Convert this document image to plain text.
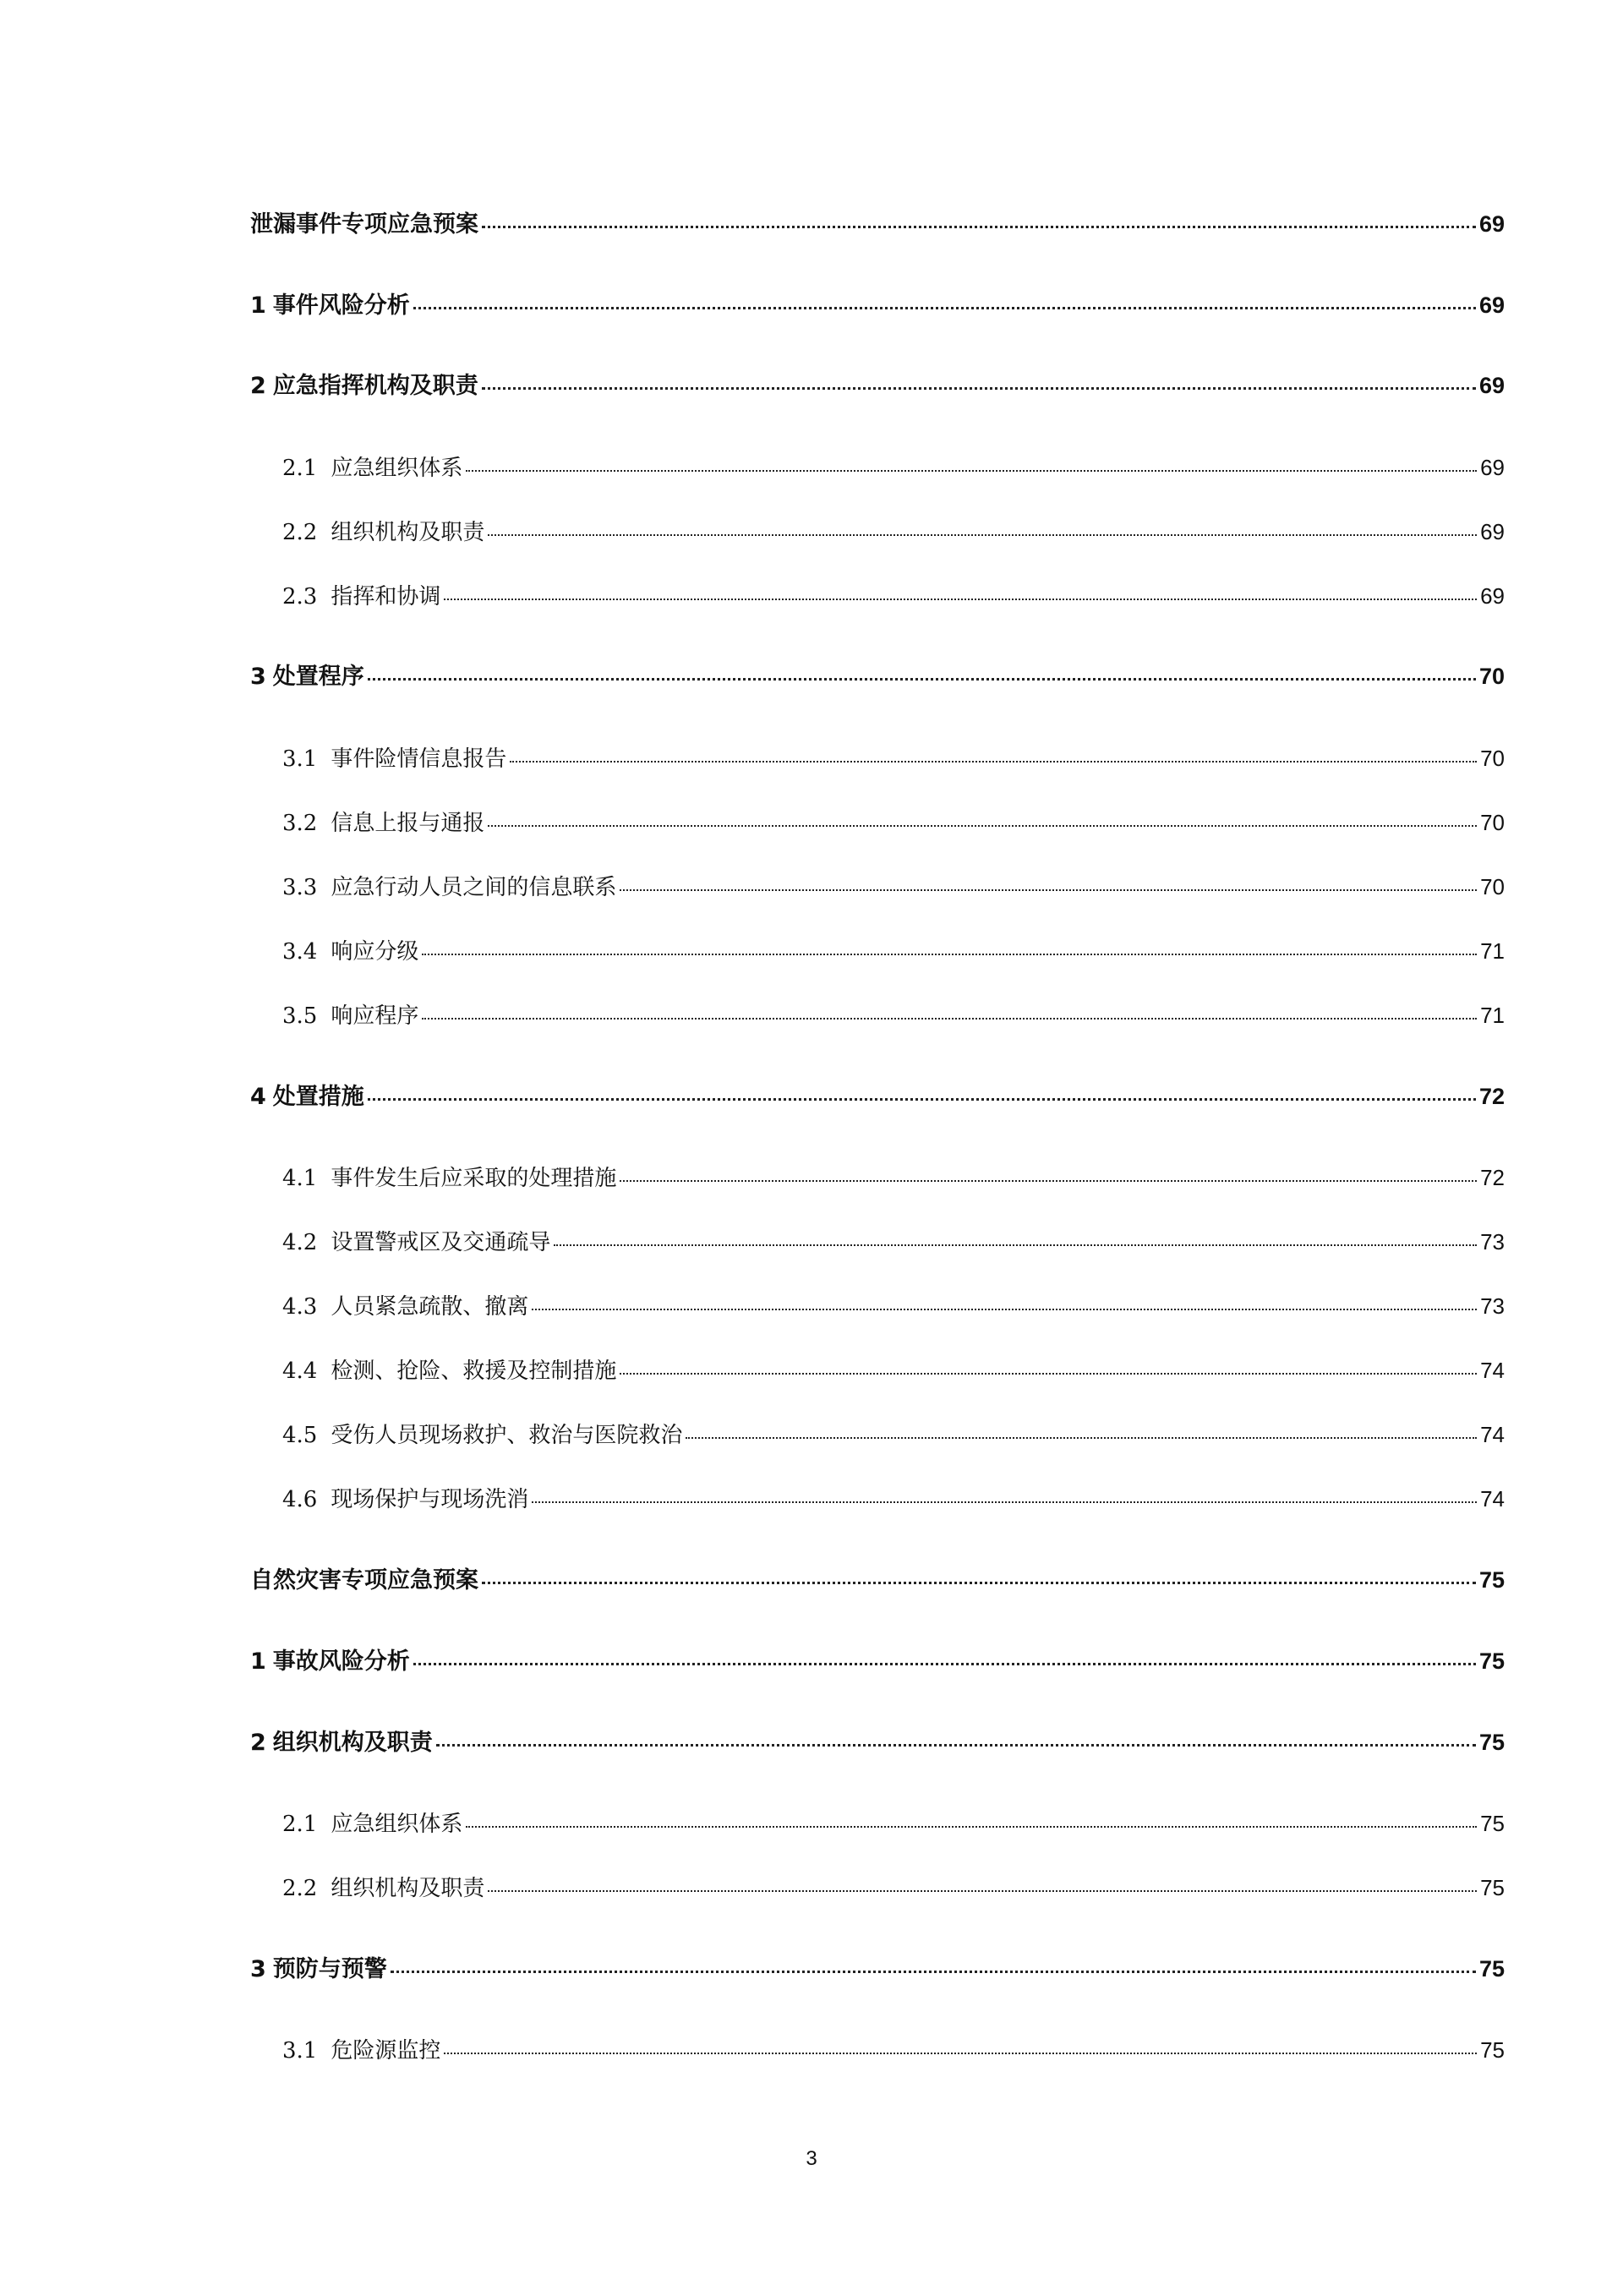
泄漏事件专项应急预案	69
1 事件风险分析	69
2 应急指挥机构及职责	69
2.1 应急组织体系	69
2.2 组织机构及职责	69
2.3 指挥和协调	69
3 处置程序	70
3.1 事件险情信息报告	70
3.2 信息上报与通报	70
3.3 应急行动人员之间的信息联系	70
3.4 响应分级	71
3.5 响应程序	71
4 处置措施	72
4.1 事件发生后应采取的处理措施	72
4.2 设置警戒区及交通疏导	73
4.3 人员紧急疏散、撤离	73
4.4 检测、抢险、救援及控制措施	74
4.5 受伤人员现场救护、救治与医院救治	74
4.6 现场保护与现场洗消	74
自然灾害专项应急预案	75
1 事故风险分析	75
2 组织机构及职责	75
2.1 应急组织体系	75
2.2 组织机构及职责	75
3 预防与预警	75
3.1 危险源监控	75
3
